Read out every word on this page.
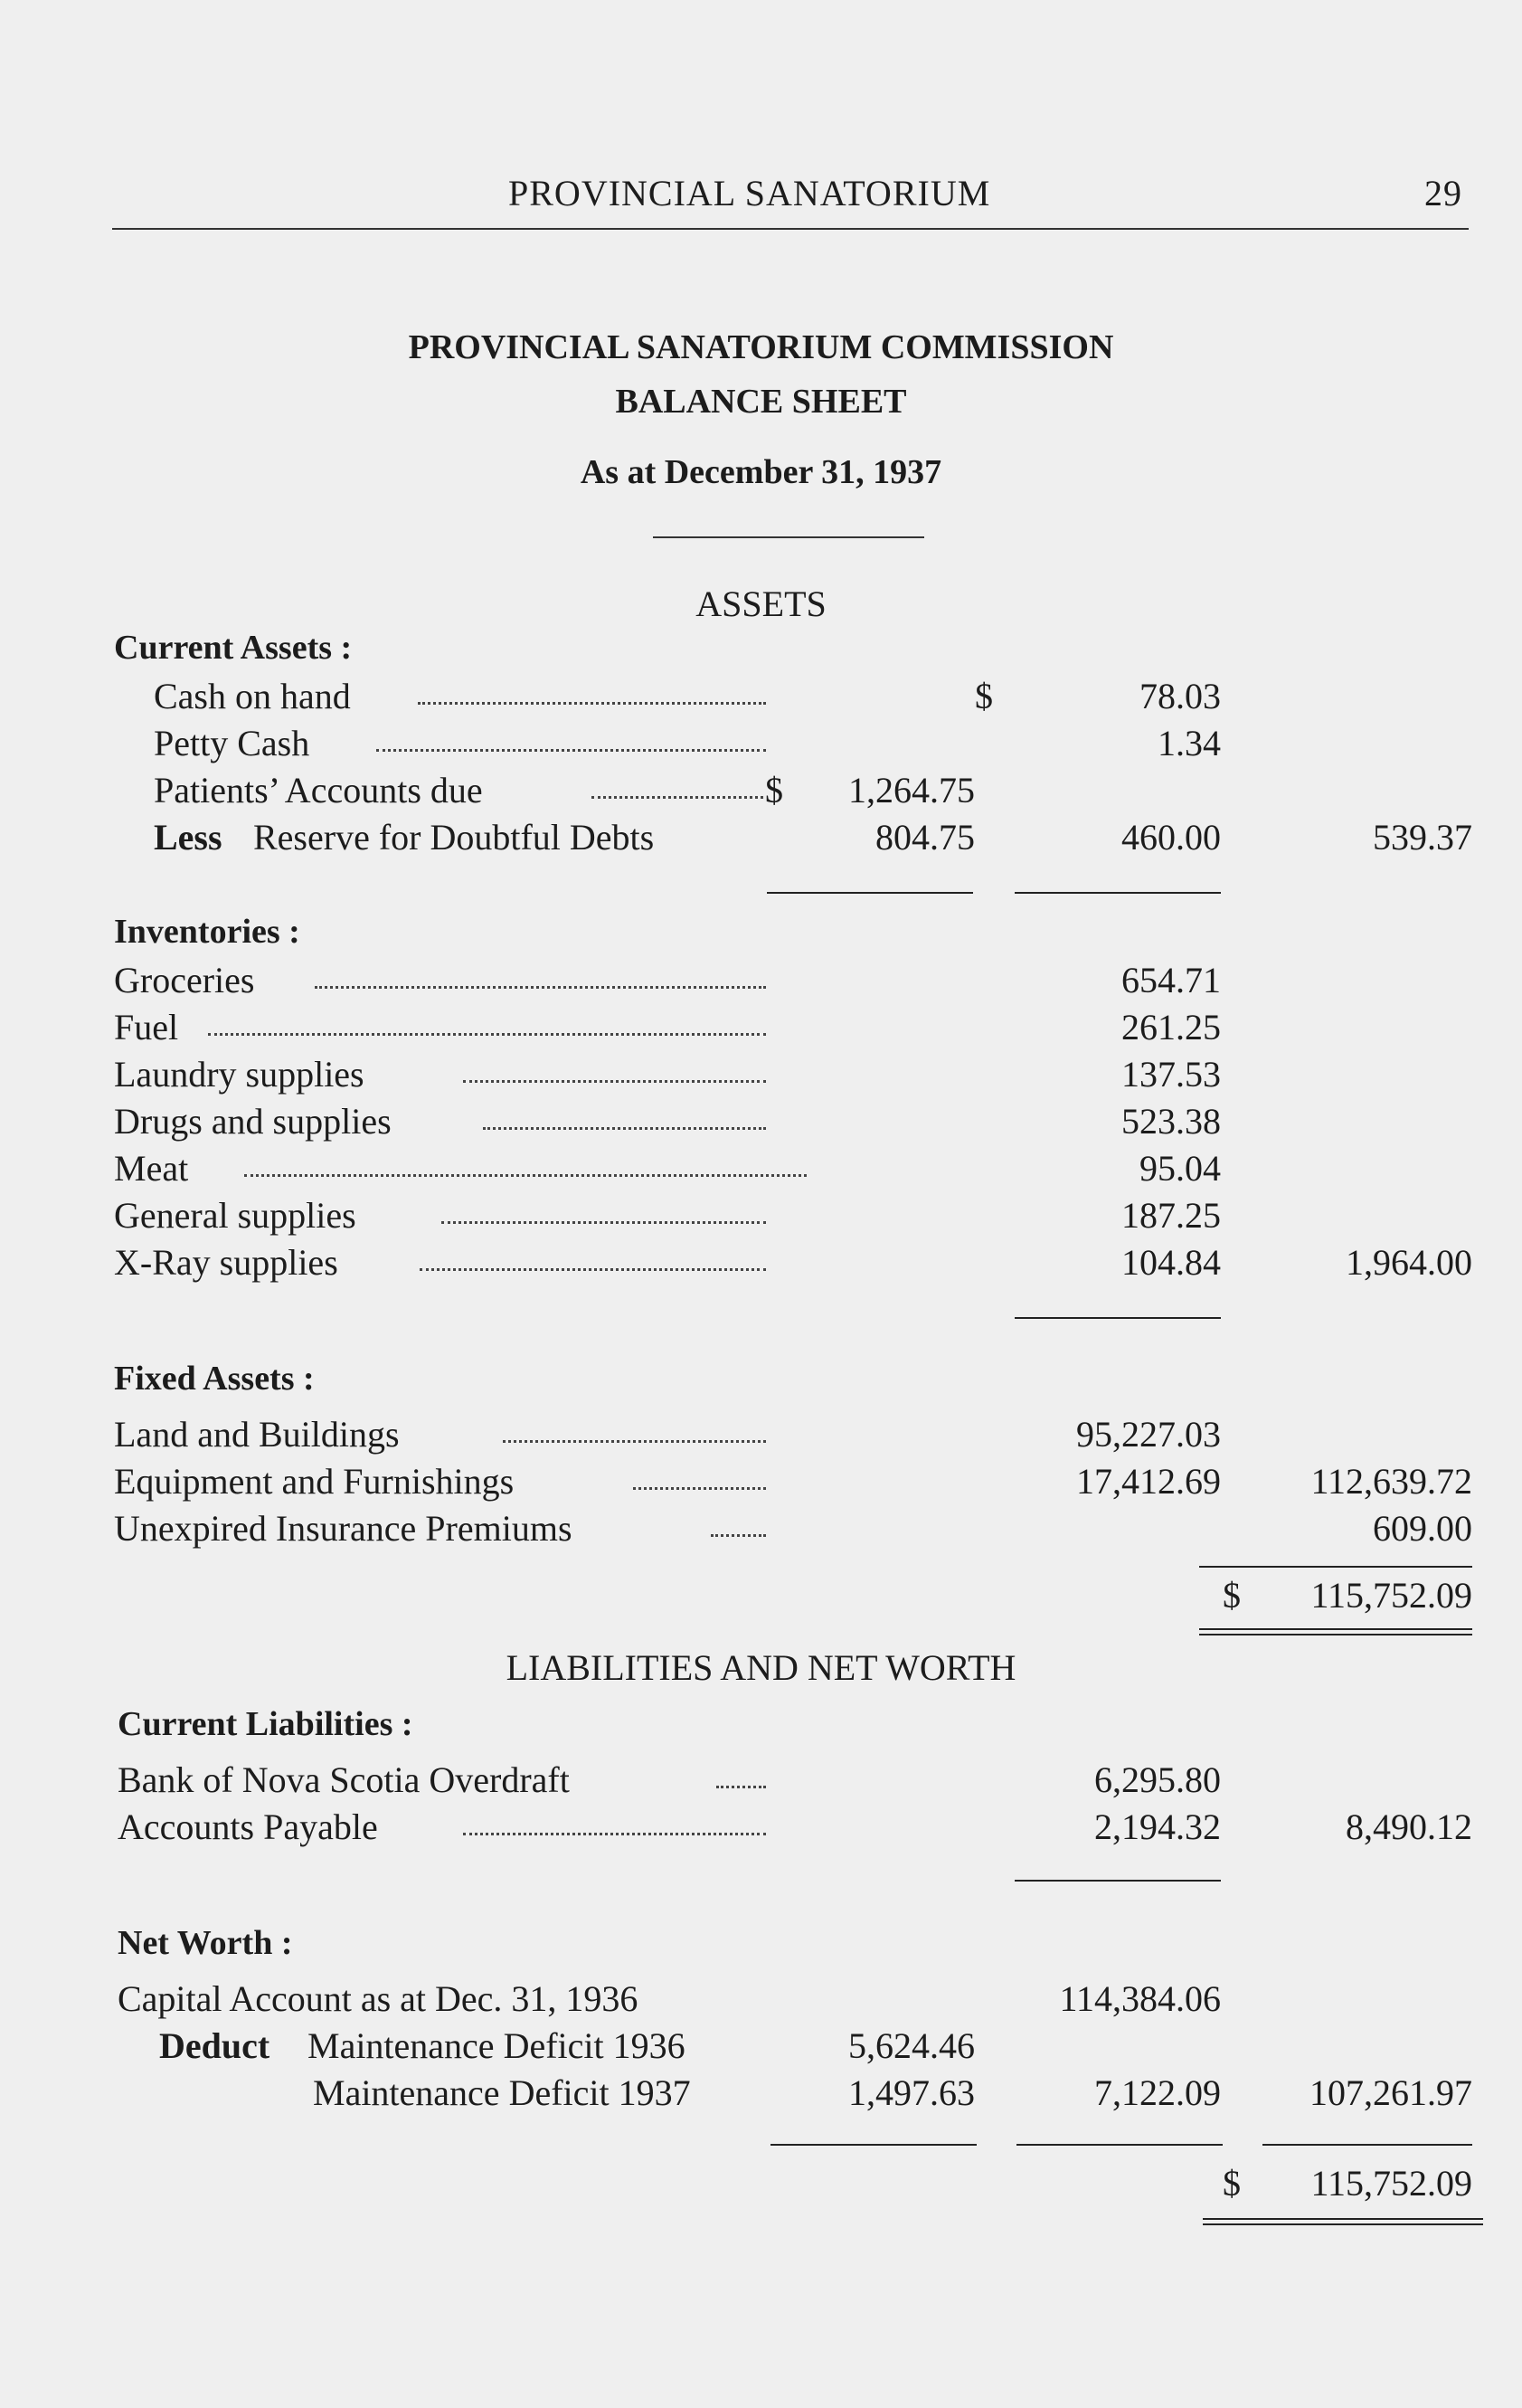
PROVINCIAL SANATORIUM	29
PROVINCIAL SANATORIUM COMMISSION
BALANCE SHEET
As at December 31, 1937
ASSETS
Current Assets :
Cash on hand	$	78.03
Petty Cash	1.34
Patients’ Accounts due	$ 1,264.75
Less Reserve for Doubtful Debts	804.75	460.00	539.37
Inventories :
Groceries	654.71
Fuel	261.25
Laundry supplies	137.53
Drugs and supplies	523.38
Meat	95.04
General supplies	187.25
X-Ray supplies	104.84	1,964.00
Fixed Assets :
Land and Buildings	95,227.03
Equipment and Furnishings	17,412.69 112,639.72
Unexpired Insurance Premiums	609.00
$ 115,752.09
LIABILITIES AND NET WORTH
Current Liabilities :
Bank of Nova Scotia Overdraft	6,295.80
Accounts Payable	2,194.32	8,490.12
Net Worth :
Capital Account as at Dec. 31, 1936	114,384.06
Deduct Maintenance Deficit 1936	5,624.46
Maintenance Deficit 1937	1,497.63	7,122.09 107,261.97
$ 115,752.09
